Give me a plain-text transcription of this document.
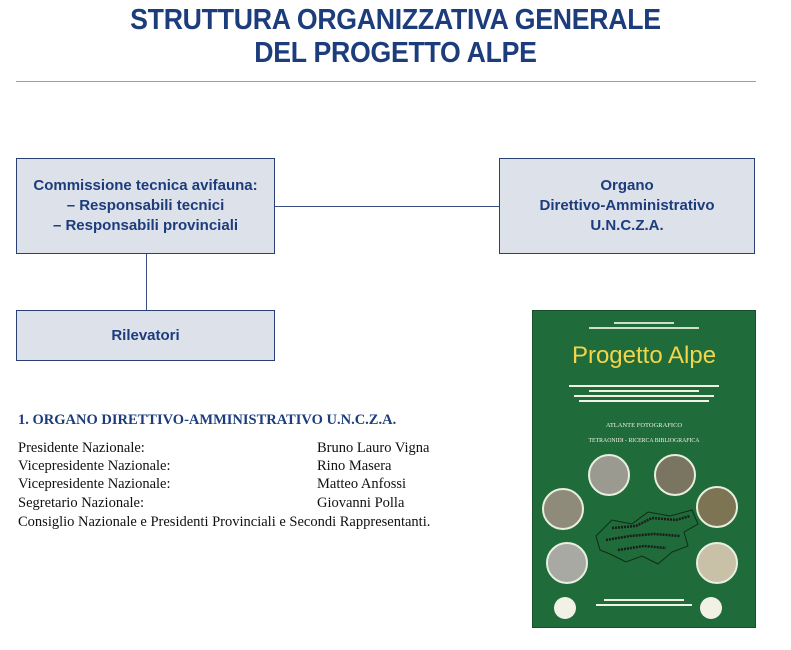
STRUTTURA ORGANIZZATIVA GENERALE
DEL PROGETTO ALPE
Commissione tecnica avifauna:
– Responsabili tecnici
– Responsabili provinciali
Organo
Direttivo-Amministrativo
U.N.C.Z.A.
Rilevatori
1. ORGANO DIRETTIVO-AMMINISTRATIVO U.N.C.Z.A.
Presidente Nazionale:	Bruno Lauro Vigna
Vicepresidente Nazionale:	Rino Masera
Vicepresidente Nazionale:	Matteo Anfossi
Segretario Nazionale:	Giovanni Polla
Consiglio Nazionale e Presidenti Provinciali e Secondi Rappresentanti.
Progetto Alpe
ATLANTE FOTOGRAFICO
TETRAONIDI - RICERCA BIBLIOGRAFICA
